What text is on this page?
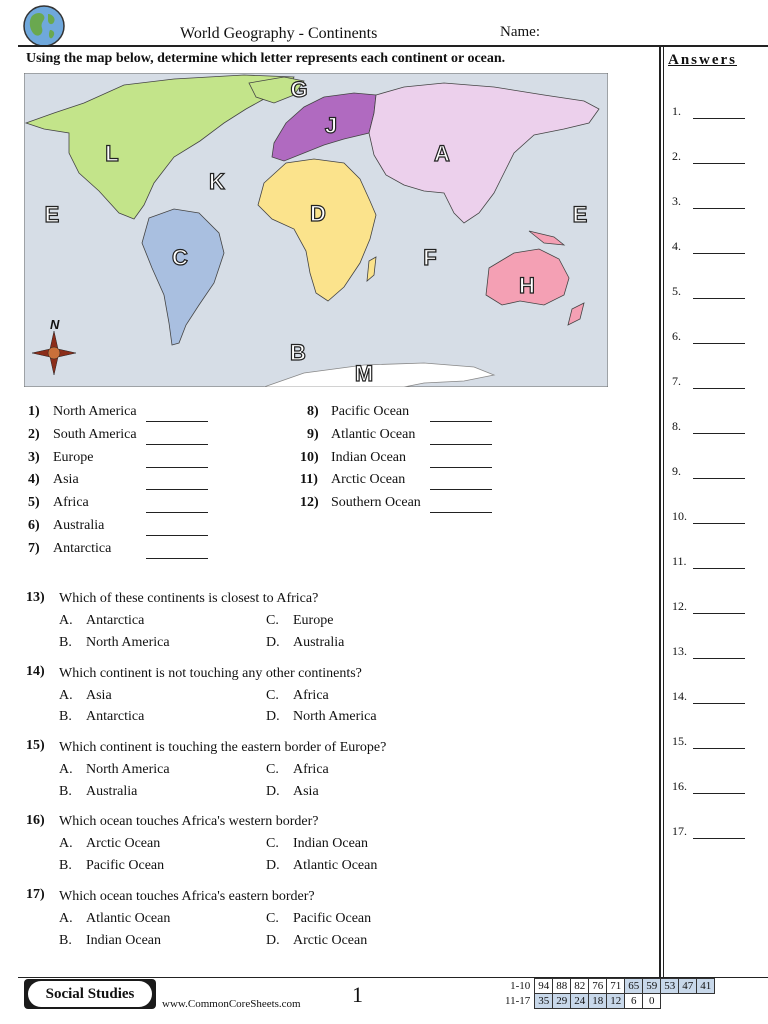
World Geography - Continents	Name:
Using the map below, determine which letter represents each continent or ocean.
N
G
J
L	A
K
E	D	E
F
C
H
B
M
Answers
1.
2.
3.
4.
5.
6.
7.
8.
9.
10.
11.
12.
13.
14.
15.
16.
17.
1) North America
2) South America
3) Europe
4) Asia
5) Africa
6) Australia
7) Antarctica
8) Pacific Ocean
9) Atlantic Ocean
10) Indian Ocean
11) Arctic Ocean
12) Southern Ocean
13) Which of these continents is closest to Africa?
A. Antarctica
B. North America
C. Europe
D. Australia
14) Which continent is not touching any other continents?
A. Asia
B. Antarctica
C. Africa
D. North America
15) Which continent is touching the eastern border of Europe?
A. North America
B. Australia
C. Africa
D. Asia
16) Which ocean touches Africa's western border?
A. Arctic Ocean
B. Pacific Ocean
C. Indian Ocean
D. Atlantic Ocean
17) Which ocean touches Africa's eastern border?
A. Atlantic Ocean
B. Indian Ocean
C. Pacific Ocean
D. Arctic Ocean
Social Studies
www.CommonCoreSheets.com 1	1-10	94	88	82	76	71	65	59	53	47	41
11-17	35	29	24	18	12	6	0			
